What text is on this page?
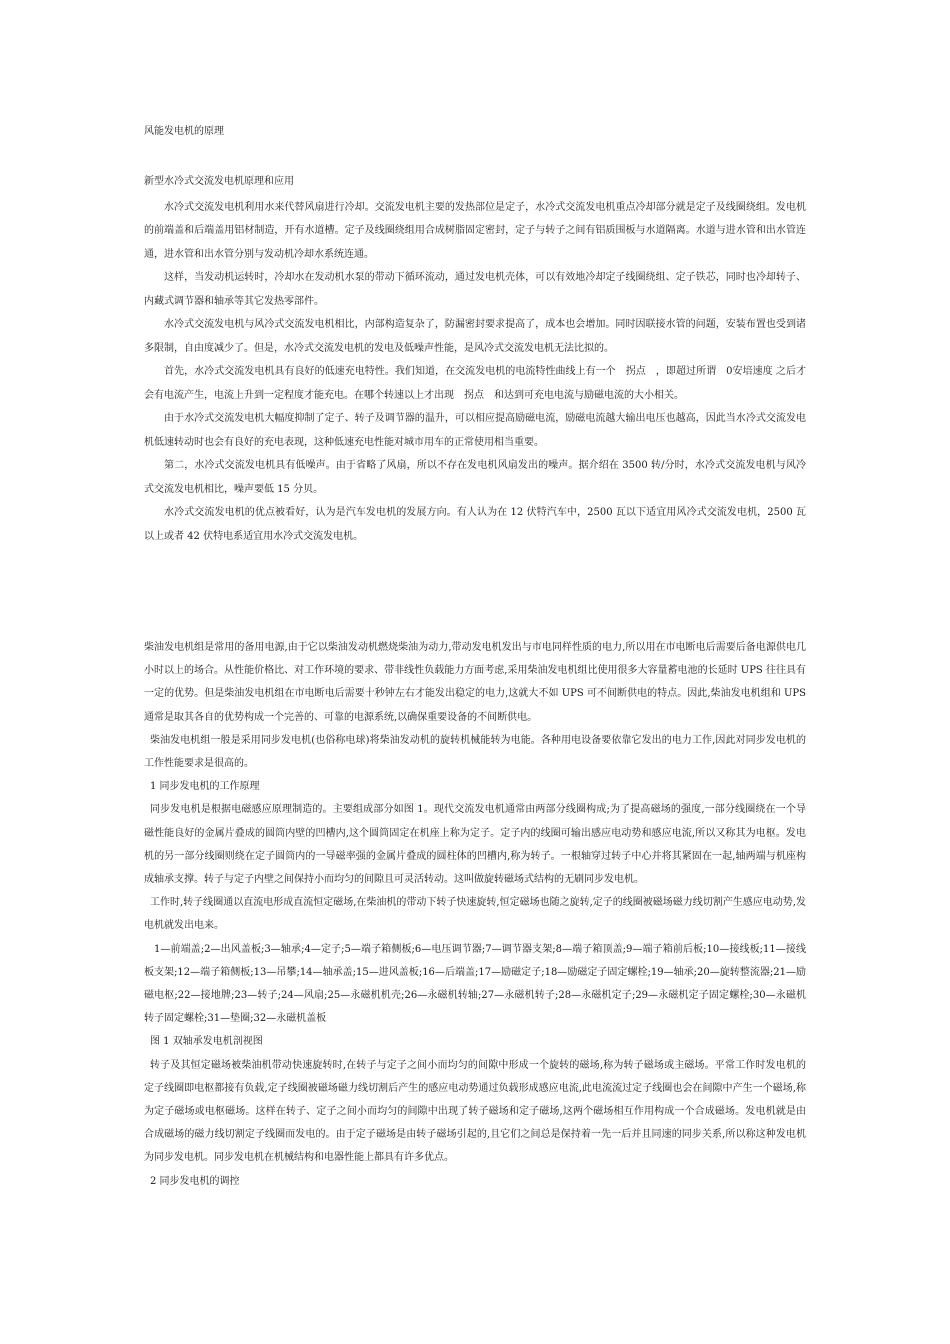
风能发电机的原理

新型水冷式交流发电机原理和应用

水冷式交流发电机利用水来代替风扇进行冷却。交流发电机主要的发热部位是定子，水冷式交流发电机重点冷却部分就是定子及线圈绕组。发电机的前端盖和后端盖用铝材制造，开有水道槽。定子及线圈绕组用合成树脂固定密封，定子与转子之间有铝质围板与水道隔离。水道与进水管和出水管连通，进水管和出水管分别与发动机冷却水系统连通。

这样，当发动机运转时，冷却水在发动机水泵的带动下循环流动，通过发电机壳体，可以有效地冷却定子线圈绕组、定子铁芯，同时也冷却转子、内藏式调节器和轴承等其它发热零部件。

水冷式交流发电机与风冷式交流发电机相比，内部构造复杂了，防漏密封要求提高了，成本也会增加。同时因联接水管的问题，安装布置也受到诸多限制，自由度减少了。但是，水冷式交流发电机的发电及低噪声性能，是风冷式交流发电机无法比拟的。

首先，水冷式交流发电机具有良好的低速充电特性。我们知道，在交流发电机的电流特性曲线上有一个　拐点　，即超过所谓　0安培速度 之后才会有电流产生，电流上升到一定程度才能充电。在哪个转速以上才出现　拐点　和达到可充电电流与励磁电流的大小相关。

由于水冷式交流发电机大幅度抑制了定子、转子及调节器的温升，可以相应提高励磁电流，励磁电流越大输出电压也越高，因此当水冷式交流发电机低速转动时也会有良好的充电表现，这种低速充电性能对城市用车的正常使用相当重要。

第二，水冷式交流发电机具有低噪声。由于省略了风扇，所以不存在发电机风扇发出的噪声。据介绍在 3500 转/分时，水冷式交流发电机与风冷式交流发电机相比，噪声要低 15 分贝。

水冷式交流发电机的优点被看好，认为是汽车发电机的发展方向。有人认为在 12 伏特汽车中，2500 瓦以下适宜用风冷式交流发电机，2500 瓦以上或者 42 伏特电系适宜用水冷式交流发电机。

柴油发电机组是常用的备用电源,由于它以柴油发动机燃烧柴油为动力,带动发电机发出与市电同样性质的电力,所以用在市电断电后需要后备电源供电几小时以上的场合。从性能价格比、对工作环境的要求、带非线性负载能力方面考虑,采用柴油发电机组比使用很多大容量蓄电池的长延时 UPS 往往具有一定的优势。但是柴油发电机组在市电断电后需要十秒钟左右才能发出稳定的电力,这就大不如 UPS 可不间断供电的特点。因此,柴油发电机组和 UPS 通常是取其各自的优势构成一个完善的、可靠的电源系统,以确保重要设备的不间断供电。

柴油发电机组一般是采用同步发电机(也俗称电球)将柴油发动机的旋转机械能转为电能。各种用电设备要依靠它发出的电力工作,因此对同步发电机的工作性能要求是很高的。

1 同步发电机的工作原理

同步发电机是根据电磁感应原理制造的。主要组成部分如图 1。现代交流发电机通常由两部分线圈构成;为了提高磁场的强度,一部分线圈绕在一个导磁性能良好的金属片叠成的圆筒内壁的凹槽内,这个圆筒固定在机座上称为定子。定子内的线圈可输出感应电动势和感应电流,所以又称其为电枢。发电机的另一部分线圈则绕在定子圆筒内的一导磁率强的金属片叠成的圆柱体的凹槽内,称为转子。一根轴穿过转子中心并将其紧固在一起,轴两端与机座构成轴承支撑。转子与定子内壁之间保持小而均匀的间隙且可灵活转动。这叫做旋转磁场式结构的无刷同步发电机。

工作时,转子线圈通以直流电形成直流恒定磁场,在柴油机的带动下转子快速旋转,恒定磁场也随之旋转,定子的线圈被磁场磁力线切割产生感应电动势,发电机就发出电来。

1—前端盖;2—出风盖板;3—轴承;4—定子;5—端子箱侧板;6—电压调节器;7—调节器支架;8—端子箱顶盖;9—端子箱前后板;10—接线板;11—接线板支架;12—端子箱侧板;13—吊攀;14—轴承盖;15—进风盖板;16—后端盖;17—励磁定子;18—励磁定子固定螺栓;19—轴承;20—旋转整流器;21—励磁电枢;22—接地牌;23—转子;24—风扇;25—永磁机机壳;26—永磁机转轴;27—永磁机转子;28—永磁机定子;29—永磁机定子固定螺栓;30—永磁机转子固定螺栓;31—垫圈;32—永磁机盖板

图 1 双轴承发电机剖视图

转子及其恒定磁场被柴油机带动快速旋转时,在转子与定子之间小而均匀的间隙中形成一个旋转的磁场,称为转子磁场或主磁场。平常工作时发电机的定子线圈即电枢都接有负载,定子线圈被磁场磁力线切割后产生的感应电动势通过负载形成感应电流,此电流流过定子线圈也会在间隙中产生一个磁场,称为定子磁场或电枢磁场。这样在转子、定子之间小而均匀的间隙中出现了转子磁场和定子磁场,这两个磁场相互作用构成一个合成磁场。发电机就是由合成磁场的磁力线切割定子线圈而发电的。由于定子磁场是由转子磁场引起的,且它们之间总是保持着一先一后并且同速的同步关系,所以称这种发电机为同步发电机。同步发电机在机械结构和电器性能上都具有许多优点。

2 同步发电机的调控
